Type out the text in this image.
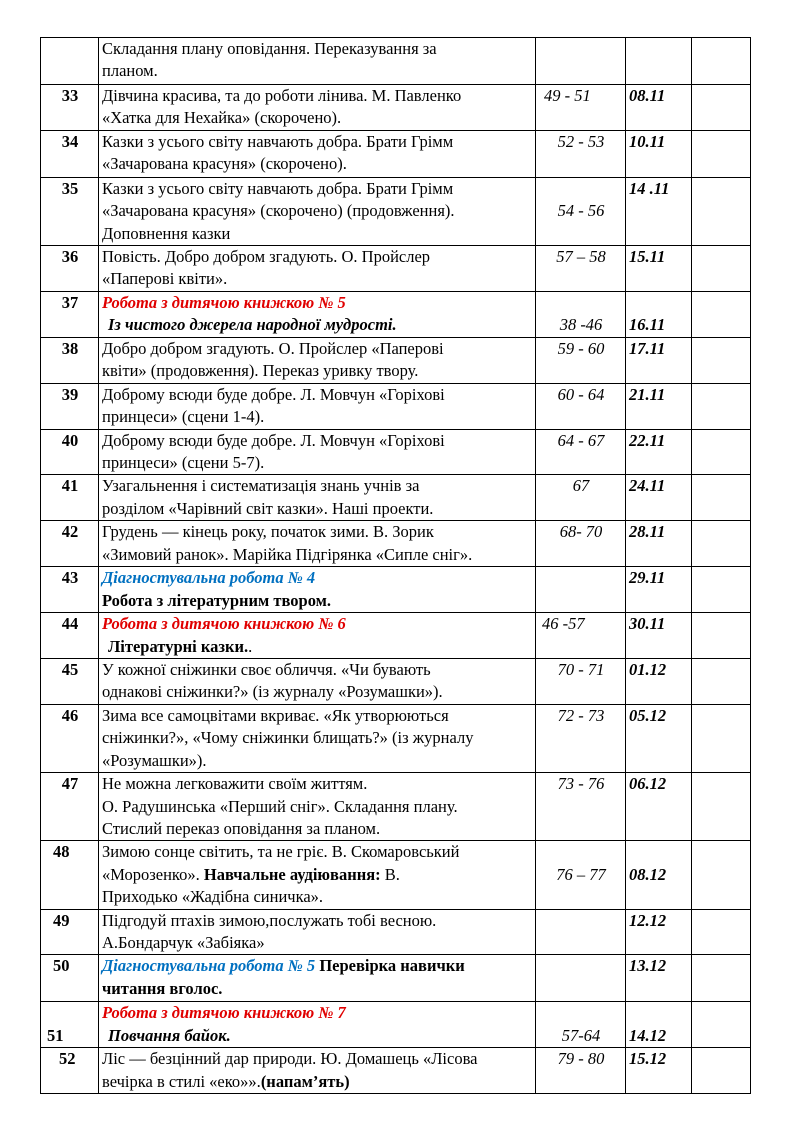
	Складання плану оповідання. Переказування за
планом.				

33	Дівчина красива, та до роботи лінива. М. Павленко
«Хатка для Нехайка» (скорочено).	49 - 51	08.11		
34	Казки з усього світу навчають добра. Брати Грімм
«Зачарована красуня» (скорочено).	52 - 53	10.11		
35	Казки з усього світу навчають добра. Брати Грімм
«Зачарована красуня» (скорочено) (продовження).
Доповнення казки	54 - 56	14 .11		
36	Повість. Добро добром згадують. О. Пройслер
«Паперові квіти».	57 – 58	15.11		
37	Робота з дитячою книжкою № 5
Із чистого джерела народної мудрості.	38 -46	16.11		
38	Добро добром згадують. О. Пройслер «Паперові
квіти» (продовження). Переказ уривку твору.	59 - 60	17.11		
39	Доброму всюди буде добре. Л. Мовчун «Горіхові
принцеси» (сцени 1-4).	60 - 64	21.11		
40	Доброму всюди буде добре. Л. Мовчун «Горіхові
принцеси» (сцени 5-7).	64 - 67	22.11		
41	Узагальнення і систематизація знань учнів за
розділом «Чарівний світ казки». Наші проекти.	67	24.11		
42	Грудень — кінець року, початок зими. В. Зорик
«Зимовий ранок». Марійка Підгірянка «Сипле сніг».	68- 70	28.11		
43	Діагностувальна робота № 4
Робота з літературним твором.		29.11		
44	Робота з дитячою книжкою № 6
Літературні казки..	46 -57	30.11		
45	У кожної сніжинки своє обличчя. «Чи бувають
однакові сніжинки?» (із журналу «Розумашки»).	70 - 71	01.12		
46	Зима все самоцвітами вкриває. «Як утворюються
сніжинки?», «Чому сніжинки блищать?» (із журналу
«Розумашки»).	72 - 73	05.12		
47	Не можна легковажити своїм життям.
О. Радушинська «Перший сніг». Складання плану.
Стислий переказ оповідання за планом.	73 - 76	06.12		
48	Зимою сонце світить, та не гріє. В. Скомаровський
«Морозенко». Навчальне аудіювання: В.
Приходько «Жадібна синичка».	76 – 77	08.12		
49	Підгодуй птахів зимою,послужать тобі весною.
А.Бондарчук «Забіяка»		12.12		
50	Діагностувальна робота № 5 Перевірка навички
читання вголос.		13.12		
51	Робота з дитячою книжкою № 7
Повчання байок.	57-64	14.12		
52	Ліс — безцінний дар природи. Ю. Домашець «Лісова
вечірка в стилі «еко»».(напам’ять)	79 - 80	15.12		
